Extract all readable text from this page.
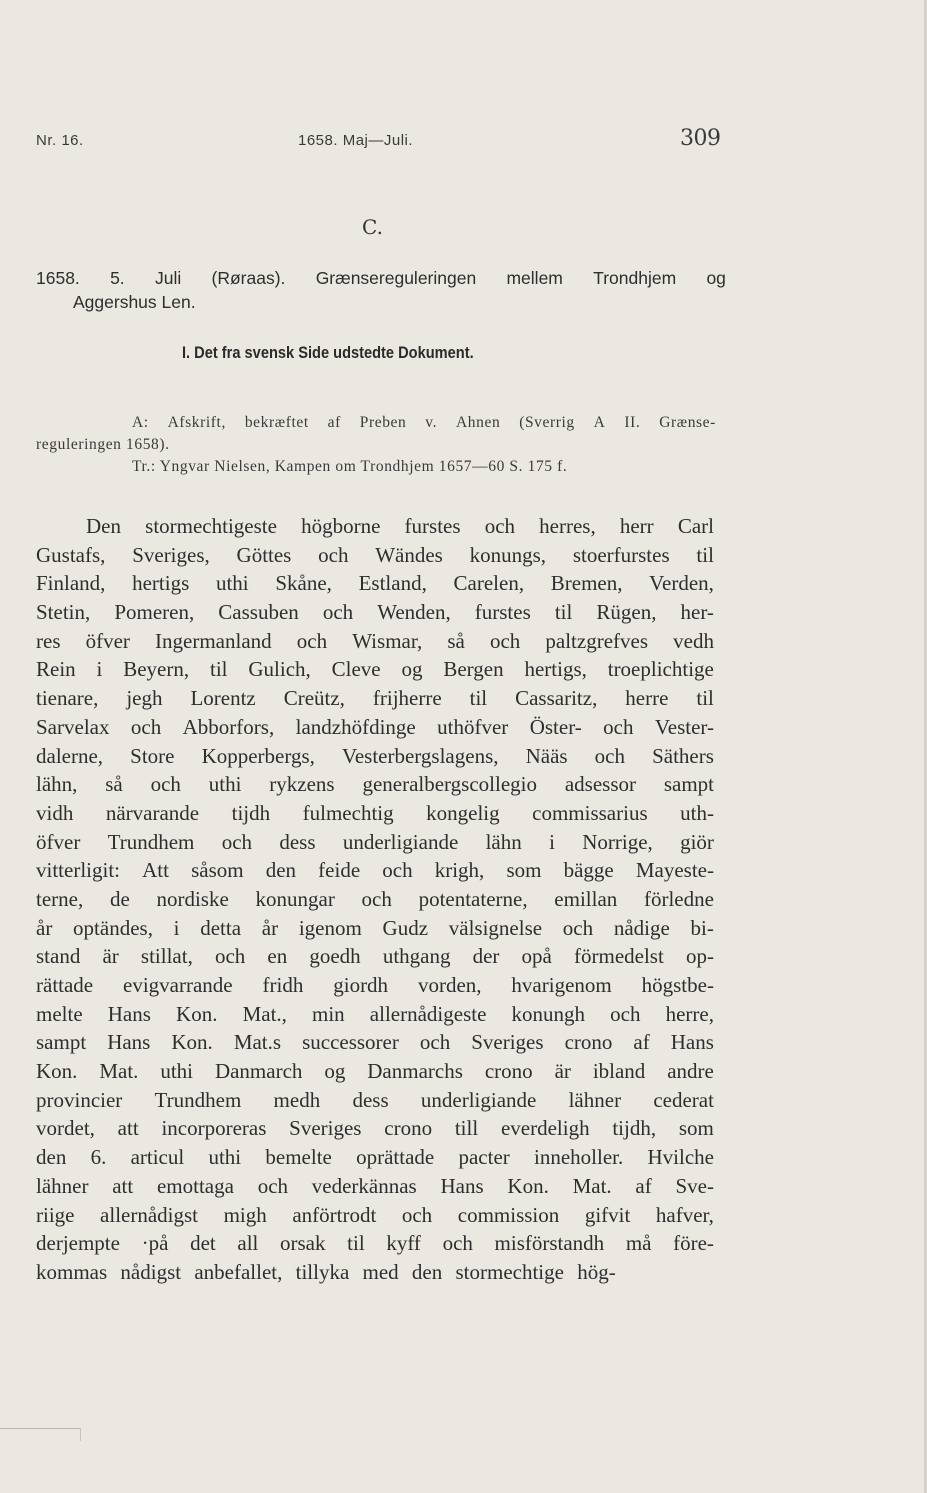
Nr. 16.	1658. Maj—Juli.	309
C.
1658. 5. Juli (Røraas). Grænsereguleringen mellem Trondhjem og
Aggershus Len.
I. Det fra svensk Side udstedte Dokument.
A: Afskrift, bekræftet af Preben v. Ahnen (Sverrig A II. Grænse-
reguleringen 1658).
Tr.: Yngvar Nielsen, Kampen om Trondhjem 1657—60 S. 175 f.
Den stormechtigeste högborne furstes och herres, herr Carl
Gustafs, Sveriges, Göttes och Wändes konungs, stoerfurstes til
Finland, hertigs uthi Skåne, Estland, Carelen, Bremen, Verden,
Stetin, Pomeren, Cassuben och Wenden, furstes til Rügen, her-
res öfver Ingermanland och Wismar, så och paltzgrefves vedh
Rein i Beyern, til Gulich, Cleve og Bergen hertigs, troeplichtige
tienare, jegh Lorentz Creütz, frijherre til Cassaritz, herre til
Sarvelax och Abborfors, landzhöfdinge uthöfver Öster- och Vester-
dalerne, Store Kopperbergs, Vesterbergslagens, Nääs och Säthers
lähn, så och uthi rykzens generalbergscollegio adsessor sampt
vidh närvarande tijdh fulmechtig kongelig commissarius uth-
öfver Trundhem och dess underligiande lähn i Norrige, giör
vitterligit: Att såsom den feide och krigh, som bägge Mayeste-
terne, de nordiske konungar och potentaterne, emillan förledne
år optändes, i detta år igenom Gudz välsignelse och nådige bi-
stand är stillat, och en goedh uthgang der opå förmedelst op-
rättade evigvarrande fridh giordh vorden, hvarigenom högstbe-
melte Hans Kon. Mat., min allernådigeste konungh och herre,
sampt Hans Kon. Mat.s successorer och Sveriges crono af Hans
Kon. Mat. uthi Danmarch og Danmarchs crono är ibland andre
provincier Trundhem medh dess underligiande lähner cederat
vordet, att incorporeras Sveriges crono till everdeligh tijdh, som
den 6. articul uthi bemelte oprättade pacter inneholler. Hvilche
lähner att emottaga och vederkännas Hans Kon. Mat. af Sve-
riige allernådigst migh anförtrodt och commission gifvit hafver,
derjempte ·på det all orsak til kyff och misförstandh må före-
kommas nådigst anbefallet, tillyka med den stormechtige hög-
